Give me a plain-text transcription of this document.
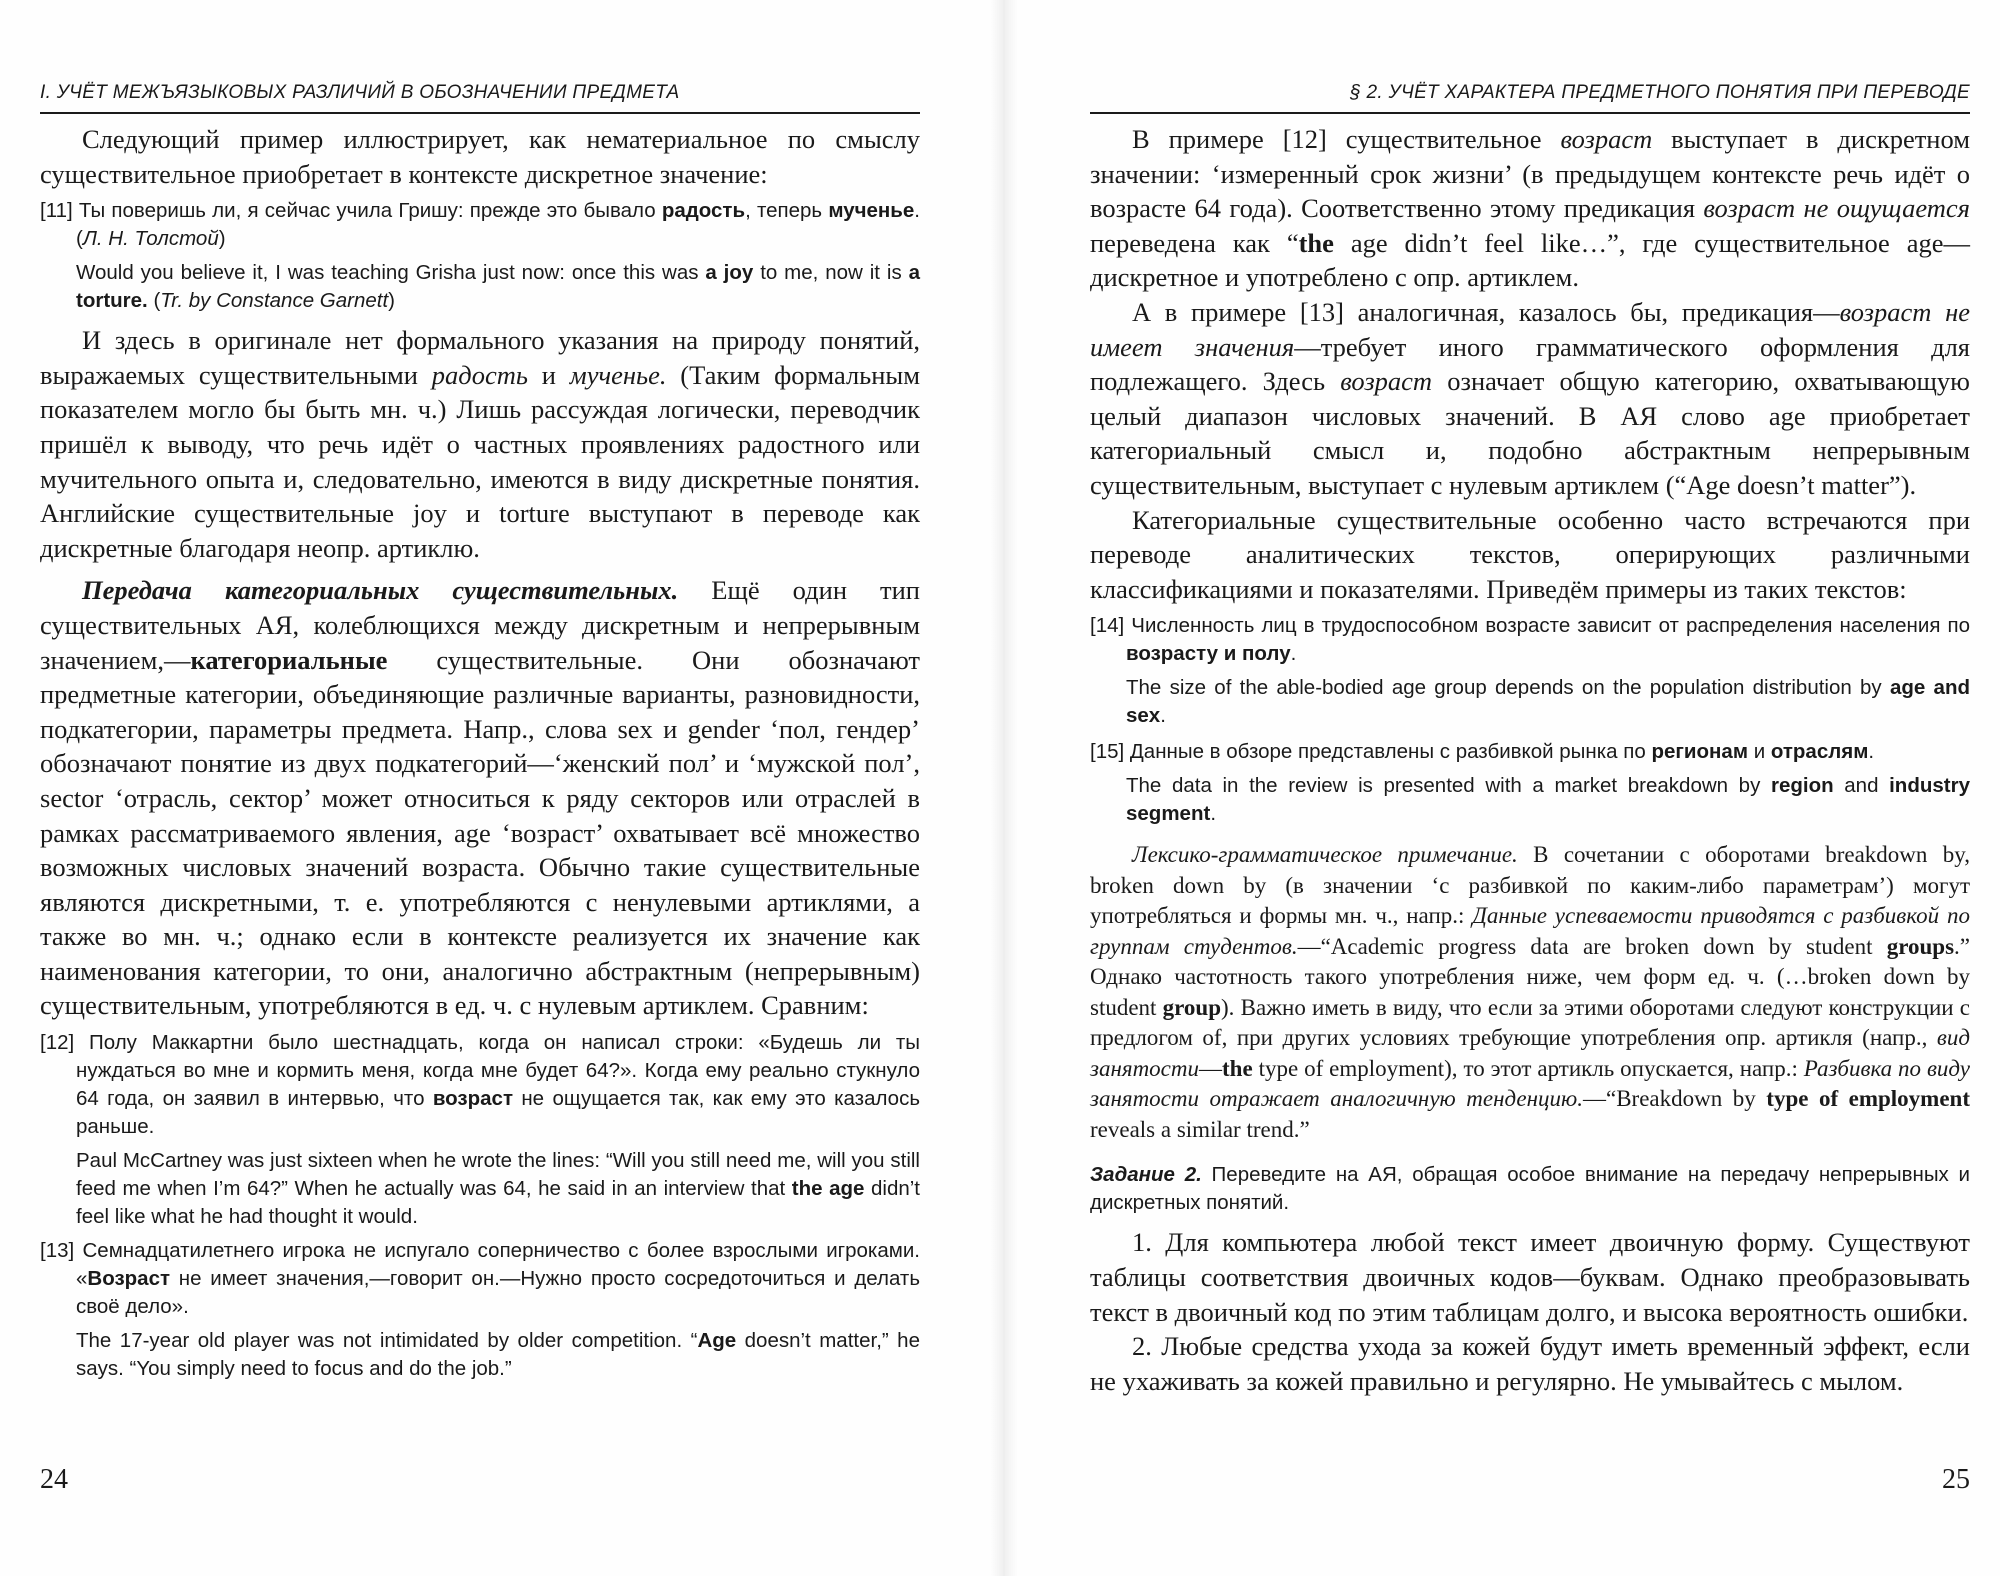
I. УЧЁТ МЕЖЪЯЗЫКОВЫХ РАЗЛИЧИЙ В ОБОЗНАЧЕНИИ ПРЕДМЕТА

Следующий пример иллюстрирует, как нематериальное по смыслу существительное приобретает в контексте дискретное значение:

[11] Ты поверишь ли, я сейчас учила Гришу: прежде это бывало радость, теперь мученье. (Л. Н. Толстой)

Would you believe it, I was teaching Grisha just now: once this was a joy to me, now it is a torture. (Tr. by Constance Garnett)

И здесь в оригинале нет формального указания на природу понятий, выражаемых существительными радость и мученье. (Таким формальным показателем могло бы быть мн. ч.) Лишь рассуждая логически, переводчик пришёл к выводу, что речь идёт о частных проявлениях радостного или мучительного опыта и, следовательно, имеются в виду дискретные понятия. Английские существительные joy и torture выступают в переводе как дискретные благодаря неопр. артиклю.

Передача категориальных существительных. Ещё один тип существительных АЯ, колеблющихся между дискретным и непрерывным значением,—категориальные существительные. Они обозначают предметные категории, объединяющие различные варианты, разновидности, подкатегории, параметры предмета. Напр., слова sex и gender ‘пол, гендер’ обозначают понятие из двух подкатегорий—‘женский пол’ и ‘мужской пол’, sector ‘отрасль, сектор’ может относиться к ряду секторов или отраслей в рамках рассматриваемого явления, age ‘возраст’ охватывает всё множество возможных числовых значений возраста. Обычно такие существительные являются дискретными, т. е. употребляются с ненулевыми артиклями, а также во мн. ч.; однако если в контексте реализуется их значение как наименования категории, то они, аналогично абстрактным (непрерывным) существительным, употребляются в ед. ч. с нулевым артиклем. Сравним:

[12] Полу Маккартни было шестнадцать, когда он написал строки: «Будешь ли ты нуждаться во мне и кормить меня, когда мне будет 64?». Когда ему реально стукнуло 64 года, он заявил в интервью, что возраст не ощущается так, как ему это казалось раньше.

Paul McCartney was just sixteen when he wrote the lines: “Will you still need me, will you still feed me when I’m 64?” When he actually was 64, he said in an interview that the age didn’t feel like what he had thought it would.

[13] Семнадцатилетнего игрока не испугало соперничество с более взрослыми игроками. «Возраст не имеет значения,—говорит он.—Нужно просто сосредоточиться и делать своё дело».

The 17-year old player was not intimidated by older competition. “Age doesn’t matter,” he says. “You simply need to focus and do the job.”

24
§ 2. УЧЁТ ХАРАКТЕРА ПРЕДМЕТНОГО ПОНЯТИЯ ПРИ ПЕРЕВОДЕ

В примере [12] существительное возраст выступает в дискретном значении: ‘измеренный срок жизни’ (в предыдущем контексте речь идёт о возрасте 64 года). Соответственно этому предикация возраст не ощущается переведена как “the age didn’t feel like…”, где существительное age—дискретное и употреблено с опр. артиклем.

А в примере [13] аналогичная, казалось бы, предикация—возраст не имеет значения—требует иного грамматического оформления для подлежащего. Здесь возраст означает общую категорию, охватывающую целый диапазон числовых значений. В АЯ слово age приобретает категориальный смысл и, подобно абстрактным непрерывным существительным, выступает с нулевым артиклем (“Age doesn’t matter”).

Категориальные существительные особенно часто встречаются при переводе аналитических текстов, оперирующих различными классификациями и показателями. Приведём примеры из таких текстов:

[14] Численность лиц в трудоспособном возрасте зависит от распределения населения по возрасту и полу.

The size of the able-bodied age group depends on the population distribution by age and sex.

[15] Данные в обзоре представлены с разбивкой рынка по регионам и отраслям.

The data in the review is presented with a market breakdown by region and industry segment.

Лексико-грамматическое примечание. В сочетании с оборотами breakdown by, broken down by (в значении ‘с разбивкой по каким-либо параметрам’) могут употребляться и формы мн. ч., напр.: Данные успеваемости приводятся с разбивкой по группам студентов.—“Academic progress data are broken down by student groups.” Однако частотность такого употребления ниже, чем форм ед. ч. (…broken down by student group). Важно иметь в виду, что если за этими оборотами следуют конструкции с предлогом of, при других условиях требующие употребления опр. артикля (напр., вид занятости—the type of employment), то этот артикль опускается, напр.: Разбивка по виду занятости отражает аналогичную тенденцию.—“Breakdown by type of employment reveals a similar trend.”

Задание 2. Переведите на АЯ, обращая особое внимание на передачу непрерывных и дискретных понятий.

1. Для компьютера любой текст имеет двоичную форму. Существуют таблицы соответствия двоичных кодов—буквам. Однако преобразовывать текст в двоичный код по этим таблицам долго, и высока вероятность ошибки.

2. Любые средства ухода за кожей будут иметь временный эффект, если не ухаживать за кожей правильно и регулярно. Не умывайтесь с мылом.

25
